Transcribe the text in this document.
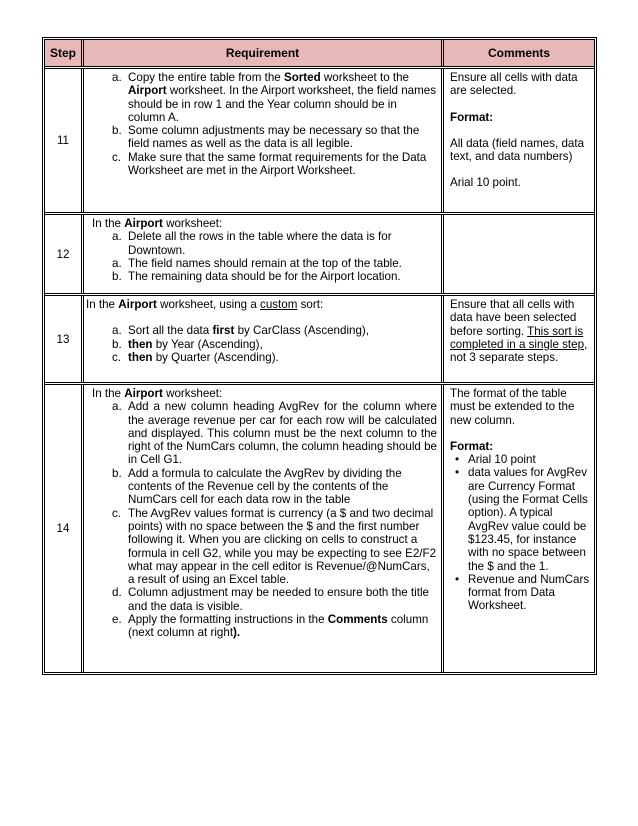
Step	Requirement	Comments
11
a. Copy the entire table from the Sorted worksheet to the Airport worksheet. In the Airport worksheet, the field names should be in row 1 and the Year column should be in column A.
b. Some column adjustments may be necessary so that the field names as well as the data is all legible.
c. Make sure that the same format requirements for the Data Worksheet are met in the Airport Worksheet.
Ensure all cells with data are selected.
Format:
All data (field names, data text, and data numbers)
Arial 10 point.
12
In the Airport worksheet:
a. Delete all the rows in the table where the data is for Downtown.
a. The field names should remain at the top of the table.
b. The remaining data should be for the Airport location.
13
In the Airport worksheet, using a custom sort:
a. Sort all the data first by CarClass (Ascending),
b. then by Year (Ascending),
c. then by Quarter (Ascending).
Ensure that all cells with data have been selected before sorting. This sort is completed in a single step, not 3 separate steps.
14
In the Airport worksheet:
a. Add a new column heading AvgRev for the column where the average revenue per car for each row will be calculated and displayed. This column must be the next column to the right of the NumCars column, the column heading should be in Cell G1.
b. Add a formula to calculate the AvgRev by dividing the contents of the Revenue cell by the contents of the NumCars cell for each data row in the table
c. The AvgRev values format is currency (a $ and two decimal points) with no space between the $ and the first number following it. When you are clicking on cells to construct a formula in cell G2, while you may be expecting to see E2/F2 what may appear in the cell editor is Revenue/@NumCars, a result of using an Excel table.
d. Column adjustment may be needed to ensure both the title and the data is visible.
e. Apply the formatting instructions in the Comments column (next column at right).
The format of the table must be extended to the new column.
Format:
• Arial 10 point
• data values for AvgRev are Currency Format (using the Format Cells option). A typical AvgRev value could be $123.45, for instance with no space between the $ and the 1.
• Revenue and NumCars format from Data Worksheet.
